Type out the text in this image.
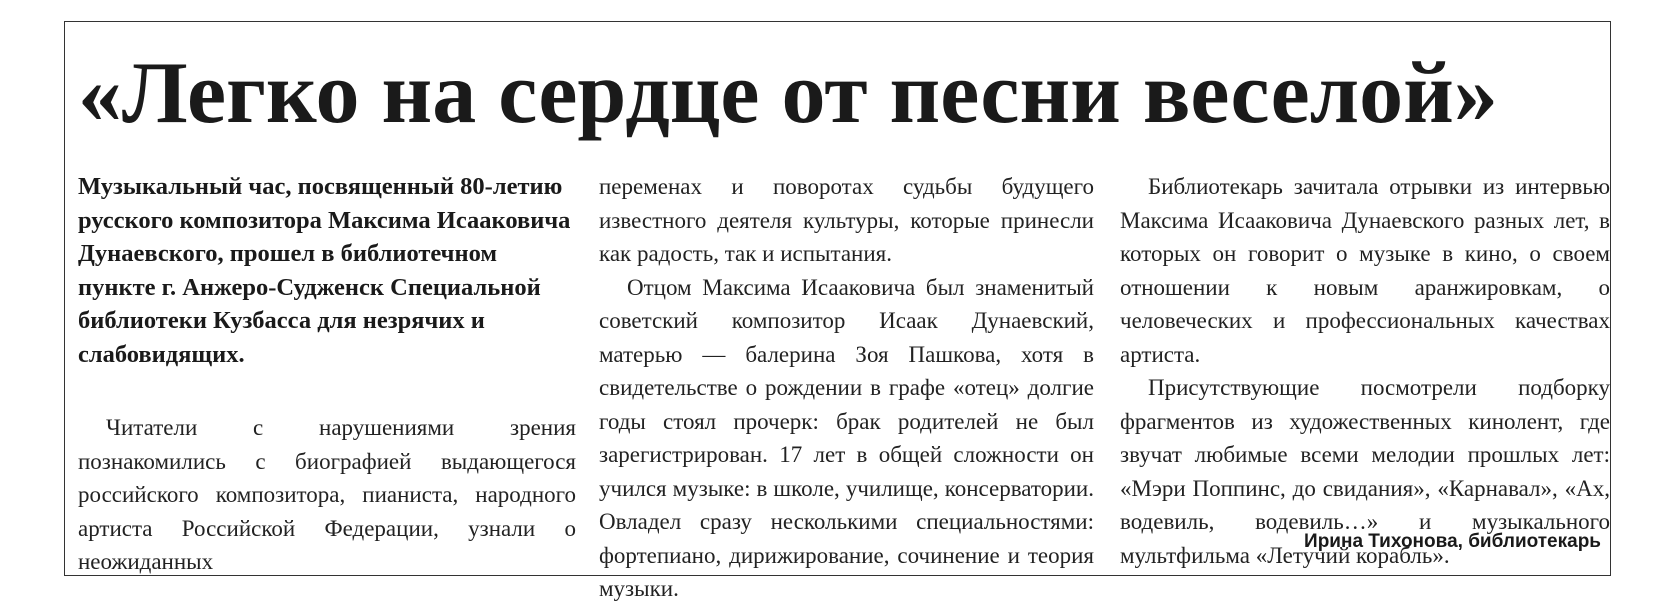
«Легко на сердце от песни веселой»

Музыкальный час, посвященный 80-летию русского композитора Максима Исааковича Дунаевского, прошел в библиотечном пункте г. Анжеро-Судженск Специальной библиотеки Кузбасса для незрячих и слабовидящих.

Читатели с нарушениями зрения познакомились с биографией выдающегося российского композитора, пианиста, народного артиста Российской Федерации, узнали о неожиданных

переменах и поворотах судьбы будущего известного деятеля культуры, которые принесли как радость, так и испытания.

Отцом Максима Исааковича был знаменитый советский композитор Исаак Дунаевский, матерью — балерина Зоя Пашкова, хотя в свидетельстве о рождении в графе «отец» долгие годы стоял прочерк: брак родителей не был зарегистрирован. 17 лет в общей сложности он учился музыке: в школе, училище, консерватории. Овладел сразу несколькими специальностями: фортепиано, дирижирование, сочинение и теория музыки.

Библиотекарь зачитала отрывки из интервью Максима Исааковича Дунаевского разных лет, в которых он говорит о музыке в кино, о своем отношении к новым аранжировкам, о человеческих и профессиональных качествах артиста.

Присутствующие посмотрели подборку фрагментов из художественных кинолент, где звучат любимые всеми мелодии прошлых лет: «Мэри Поппинс, до свидания», «Карнавал», «Ах, водевиль, водевиль…» и музыкального мультфильма «Летучий корабль».

Ирина Тихонова, библиотекарь
